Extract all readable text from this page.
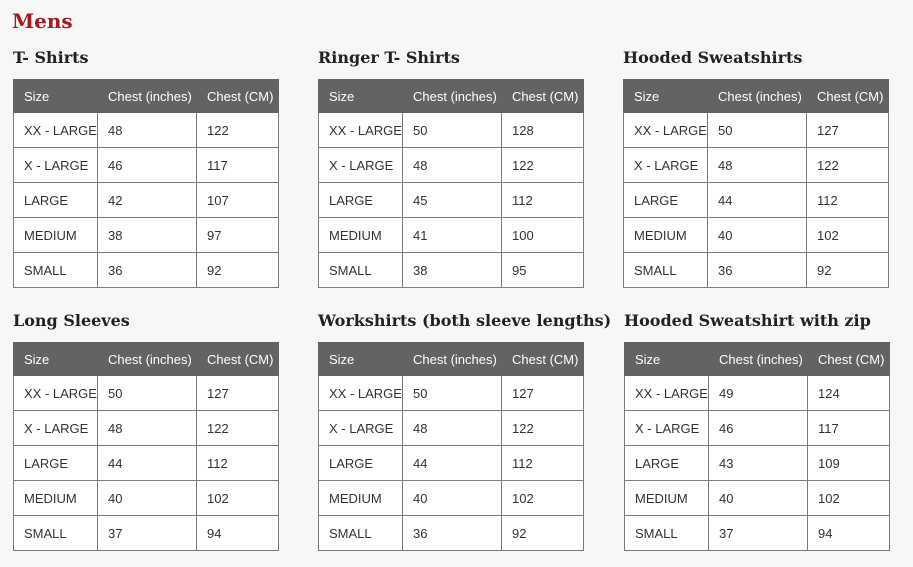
Mens
T- Shirts
Size	Chest (inches)	Chest (CM)
XX - LARGE	48	122
X - LARGE	46	117
LARGE	42	107
MEDIUM	38	97
SMALL	36	92
Ringer T- Shirts
Size	Chest (inches)	Chest (CM)
XX - LARGE	50	128
X - LARGE	48	122
LARGE	45	112
MEDIUM	41	100
SMALL	38	95
Hooded Sweatshirts
Size	Chest (inches)	Chest (CM)
XX - LARGE	50	127
X - LARGE	48	122
LARGE	44	112
MEDIUM	40	102
SMALL	36	92
Long Sleeves
Size	Chest (inches)	Chest (CM)
XX - LARGE	50	127
X - LARGE	48	122
LARGE	44	112
MEDIUM	40	102
SMALL	37	94
Workshirts (both sleeve lengths)
Size	Chest (inches)	Chest (CM)
XX - LARGE	50	127
X - LARGE	48	122
LARGE	44	112
MEDIUM	40	102
SMALL	36	92
Hooded Sweatshirt with zip
Size	Chest (inches)	Chest (CM)
XX - LARGE	49	124
X - LARGE	46	117
LARGE	43	109
MEDIUM	40	102
SMALL	37	94
